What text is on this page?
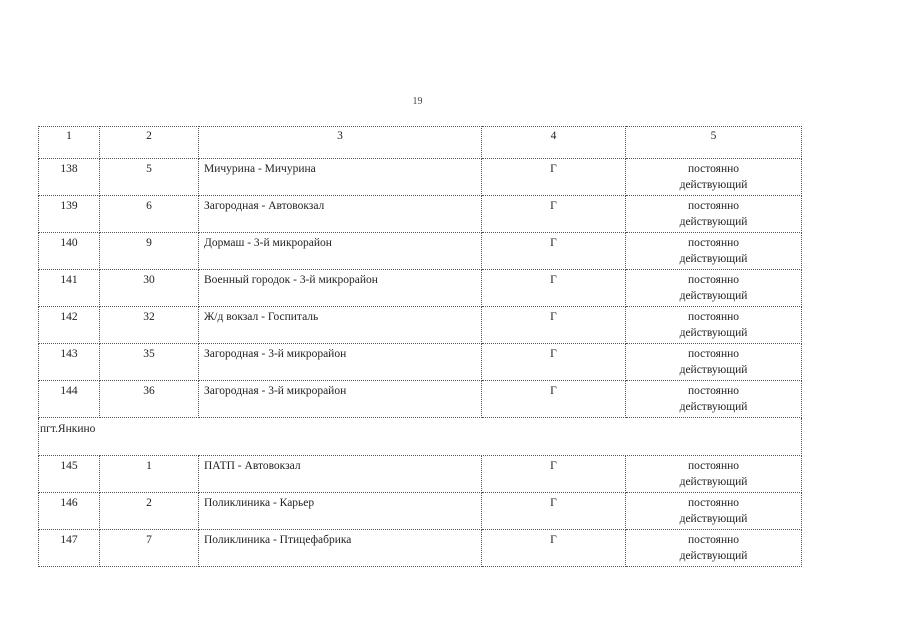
19
1	2	3	4	5
138	5	Мичурина - Мичурина	Г	постоянно
действующий

139	6	Загородная - Автовокзал	Г	постоянно
действующий

140	9	Дормаш - 3-й микрорайон	Г	постоянно
действующий

141	30	Военный городок - 3-й микрорайон	Г	постоянно
действующий

142	32	Ж/д вокзал - Госпиталь	Г	постоянно
действующий

143	35	Загородная - 3-й микрорайон	Г	постоянно
действующий

144	36	Загородная - 3-й микрорайон	Г	постоянно
действующий

пгт.Янкино				
145	1	ПАТП - Автовокзал	Г	постоянно
действующий

146	2	Поликлиника - Карьер	Г	постоянно
действующий

147	7	Поликлиника - Птицефабрика	Г	постоянно
действующий
